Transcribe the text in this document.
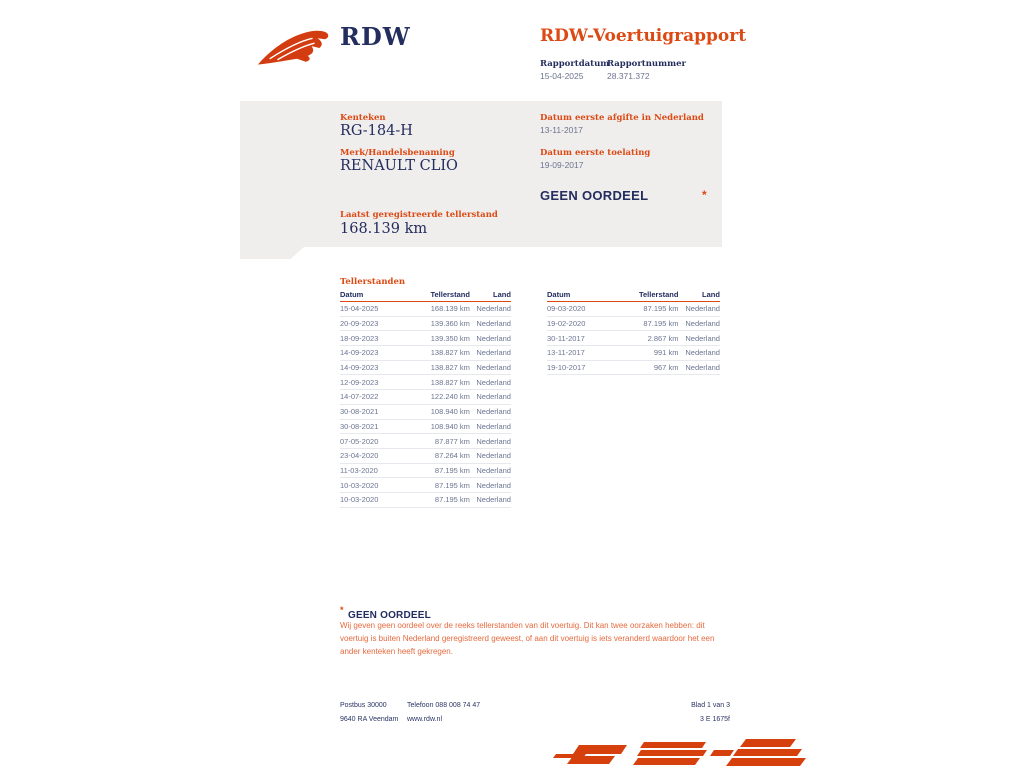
RDW	RDW-Voertuigrapport
Rapportdatum
15-04-2025
Rapportnummer
28.371.372
Kenteken
RG-184-H
Merk/Handelsbenaming
RENAULT CLIO
Laatst geregistreerde tellerstand
168.139 km
Datum eerste afgifte in Nederland
13-11-2017
Datum eerste toelating
19-09-2017
GEEN OORDEEL	*
Tellerstanden
Datum	Tellerstand	Land
15-04-2025	168.139 km Nederland
20-09-2023	139.360 km Nederland
18-09-2023	139.350 km Nederland
14-09-2023	138.827 km Nederland
14-09-2023	138.827 km Nederland
12-09-2023	138.827 km Nederland
14-07-2022	122.240 km Nederland
30-08-2021	108.940 km Nederland
30-08-2021	108.940 km Nederland
07-05-2020	87.877 km Nederland
23-04-2020	87.264 km Nederland
11-03-2020	87.195 km Nederland
10-03-2020	87.195 km Nederland
10-03-2020	87.195 km Nederland
Datum	Tellerstand	Land
09-03-2020	87.195 km Nederland
19-02-2020	87.195 km Nederland
30-11-2017	2.867 km Nederland
13-11-2017	991 km Nederland
19-10-2017	967 km Nederland
* GEEN OORDEEL
Wij geven geen oordeel over de reeks tellerstanden van dit voertuig. Dit kan twee oorzaken hebben: dit voertuig is buiten Nederland geregistreerd geweest, of aan dit voertuig is iets veranderd waardoor het een ander kenteken heeft gekregen.
Postbus 30000
9640 RA Veendam
Telefoon 088 008 74 47
www.rdw.nl
Blad 1 van 3
3 E 1675f
